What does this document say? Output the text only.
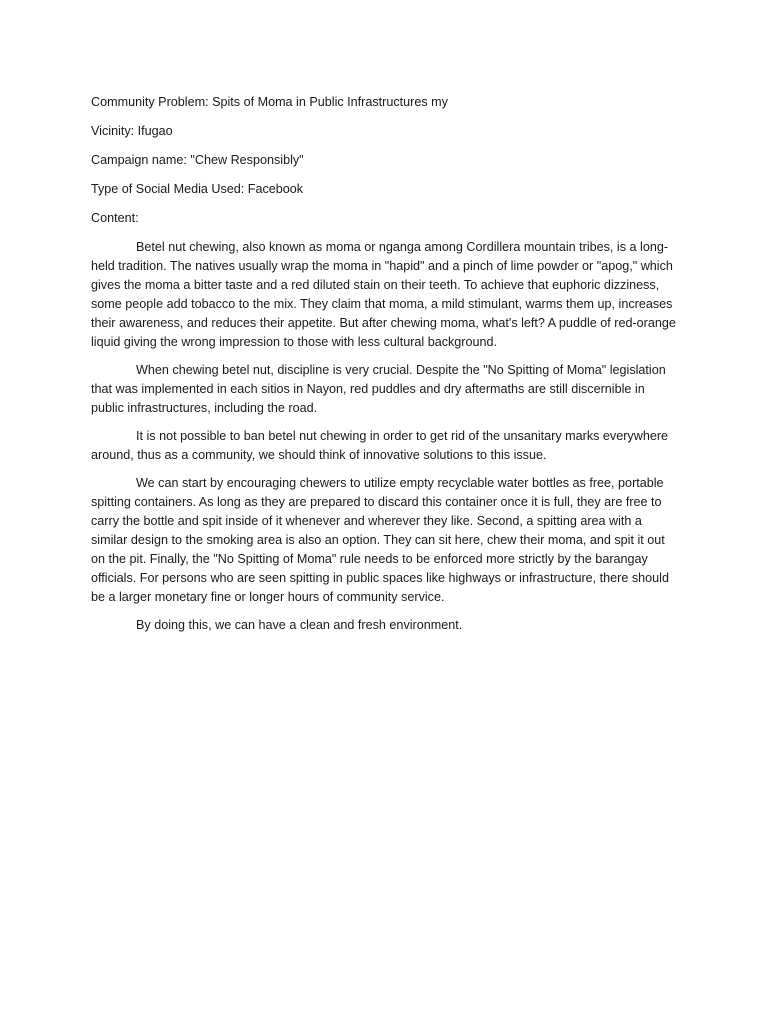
Community Problem: Spits of Moma in Public Infrastructures my

Vicinity: Ifugao

Campaign name: "Chew Responsibly"

Type of Social Media Used: Facebook

Content:

Betel nut chewing, also known as moma or nganga among Cordillera mountain tribes, is a long-held tradition. The natives usually wrap the moma in "hapid" and a pinch of lime powder or "apog," which gives the moma a bitter taste and a red diluted stain on their teeth. To achieve that euphoric dizziness, some people add tobacco to the mix. They claim that moma, a mild stimulant, warms them up, increases their awareness, and reduces their appetite. But after chewing moma, what's left? A puddle of red-orange liquid giving the wrong impression to those with less cultural background.

When chewing betel nut, discipline is very crucial. Despite the "No Spitting of Moma" legislation that was implemented in each sitios in Nayon, red puddles and dry aftermaths are still discernible in public infrastructures, including the road.

It is not possible to ban betel nut chewing in order to get rid of the unsanitary marks everywhere around, thus as a community, we should think of innovative solutions to this issue.

We can start by encouraging chewers to utilize empty recyclable water bottles as free, portable spitting containers. As long as they are prepared to discard this container once it is full, they are free to carry the bottle and spit inside of it whenever and wherever they like. Second, a spitting area with a similar design to the smoking area is also an option. They can sit here, chew their moma, and spit it out on the pit. Finally, the "No Spitting of Moma" rule needs to be enforced more strictly by the barangay officials. For persons who are seen spitting in public spaces like highways or infrastructure, there should be a larger monetary fine or longer hours of community service.

By doing this, we can have a clean and fresh environment.
